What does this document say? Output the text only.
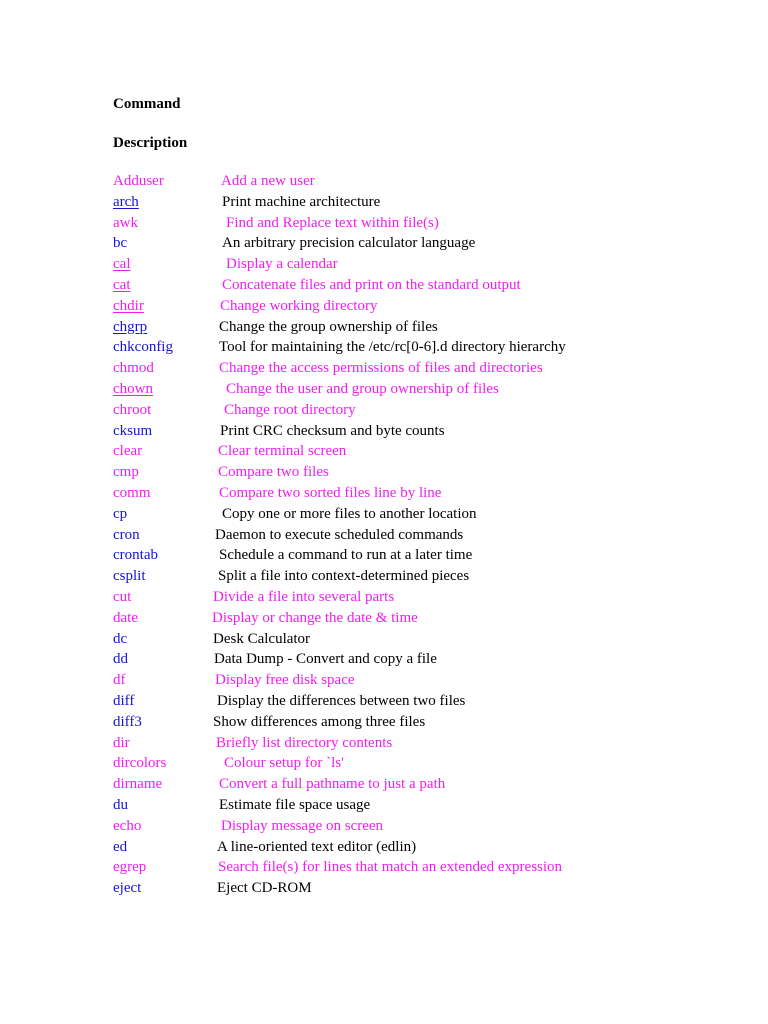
Command
Description
Adduser	Add a new user
arch	Print machine architecture
awk	Find and Replace text within file(s)
bc	An arbitrary precision calculator language
cal	Display a calendar
cat	Concatenate files and print on the standard output
chdir	Change working directory
chgrp	Change the group ownership of files
chkconfig	Tool for maintaining the /etc/rc[0-6].d directory hierarchy
chmod	Change the access permissions of files and directories
chown	Change the user and group ownership of files
chroot	Change root directory
cksum	Print CRC checksum and byte counts
clear	Clear terminal screen
cmp	Compare two files
comm	Compare two sorted files line by line
cp	Copy one or more files to another location
cron	Daemon to execute scheduled commands
crontab	Schedule a command to run at a later time
csplit	Split a file into context-determined pieces
cut	Divide a file into several parts
date	Display or change the date & time
dc	Desk Calculator
dd	Data Dump - Convert and copy a file
df	Display free disk space
diff	Display the differences between two files
diff3	Show differences among three files
dir	Briefly list directory contents
dircolors	Colour setup for `ls'
dirname	Convert a full pathname to just a path
du	Estimate file space usage
echo	Display message on screen
ed	A line-oriented text editor (edlin)
egrep	Search file(s) for lines that match an extended expression
eject	Eject CD-ROM
